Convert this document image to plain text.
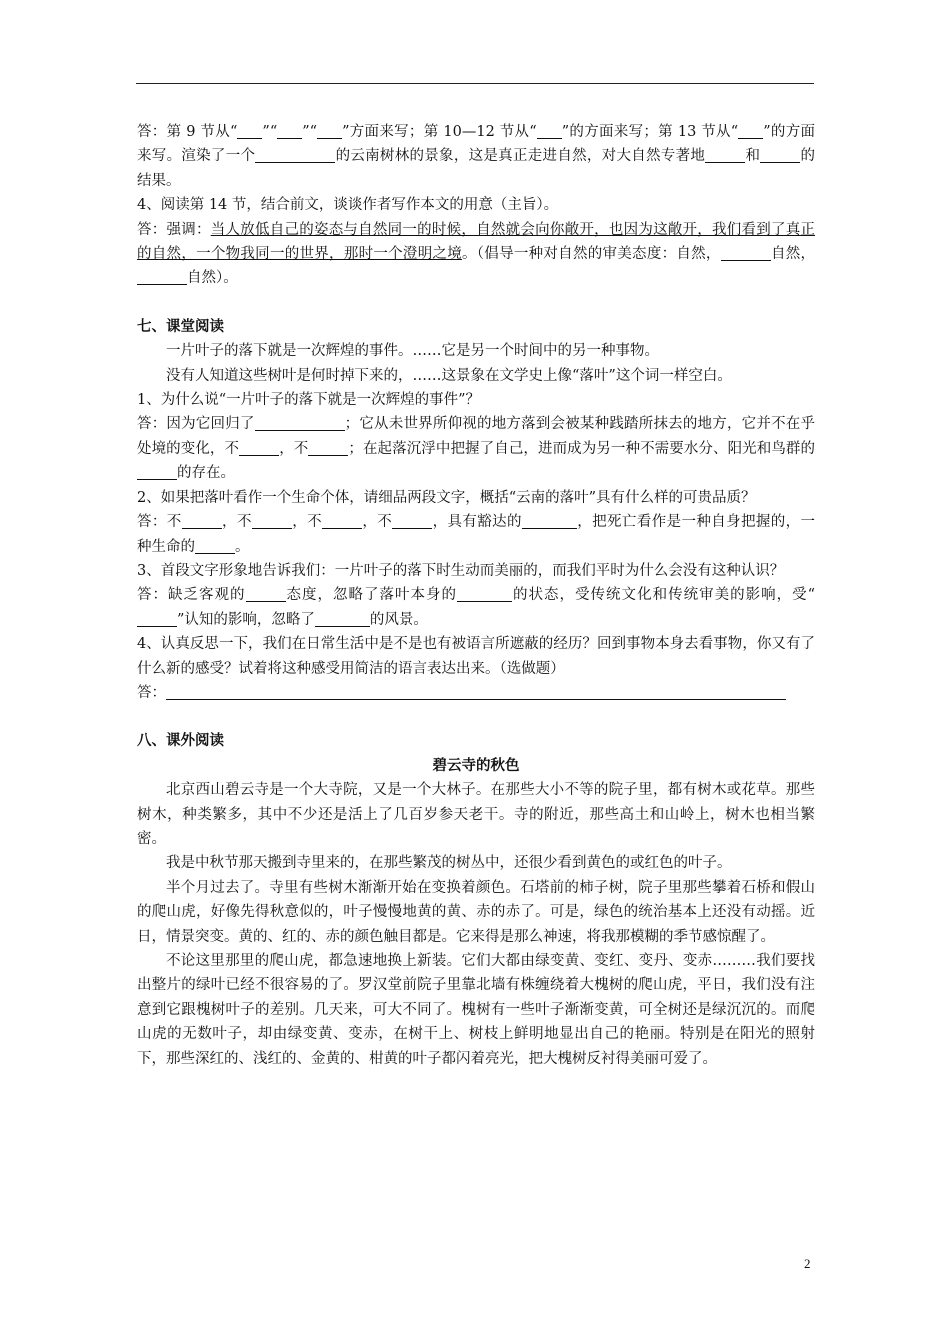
答：第 9 节从“ ”“ ”“ ”方面来写；第 10—12 节从“ ”的方面来写；第 13 节从“ ”的方面来写。渲染了一个	的云南树林的景象，这是真正走进自然，对大自然专著地	和	的结果。

4、阅读第 14 节，结合前文，谈谈作者写作本文的用意（主旨）。

答：强调：当人放低自己的姿态与自然同一的时候，自然就会向你敞开，也因为这敞开，我们看到了真正的自然，一个物我同一的世界，那时一个澄明之境。（倡导一种对自然的审美态度：自然，	自然，自然）。

七、课堂阅读

一片叶子的落下就是一次辉煌的事件。……它是另一个时间中的另一种事物。

没有人知道这些树叶是何时掉下来的，……这景象在文学史上像“落叶”这个词一样空白。

1、为什么说“一片叶子的落下就是一次辉煌的事件”？

答：因为它回归了	；它从未世界所仰视的地方落到会被某种践踏所抹去的地方，它并不在乎处境的变化，不	，不	；在起落沉浮中把握了自己，进而成为另一种不需要水分、阳光和鸟群的的存在。

2、如果把落叶看作一个生命个体，请细品两段文字，概括“云南的落叶”具有什么样的可贵品质？

答：不	，不	，不	，不	，具有豁达的	，把死亡看作是一种自身把握的，一种生命的	。

3、首段文字形象地告诉我们：一片叶子的落下时生动而美丽的，而我们平时为什么会没有这种认识？

答：缺乏客观的	态度，忽略了落叶本身的	的状态，受传统文化和传统审美的影响，受“”认知的影响，忽略了	的风景。

4、认真反思一下，我们在日常生活中是不是也有被语言所遮蔽的经历？回到事物本身去看事物，你又有了什么新的感受？试着将这种感受用简洁的语言表达出来。（选做题）

答：

八、课外阅读

碧云寺的秋色

北京西山碧云寺是一个大寺院，又是一个大林子。在那些大小不等的院子里，都有树木或花草。那些树木，种类繁多，其中不少还是活上了几百岁参天老干。寺的附近，那些高土和山岭上，树木也相当繁密。

我是中秋节那天搬到寺里来的，在那些繁茂的树丛中，还很少看到黄色的或红色的叶子。

半个月过去了。寺里有些树木渐渐开始在变换着颜色。石塔前的柿子树，院子里那些攀着石桥和假山的爬山虎，好像先得秋意似的，叶子慢慢地黄的黄、赤的赤了。可是，绿色的统治基本上还没有动摇。近日，情景突变。黄的、红的、赤的颜色触目都是。它来得是那么神速，将我那模糊的季节感惊醒了。

不论这里那里的爬山虎，都急速地换上新装。它们大都由绿变黄、变红、变丹、变赤………我们要找出整片的绿叶已经不很容易的了。罗汉堂前院子里靠北墙有株缠绕着大槐树的爬山虎，平日，我们没有注意到它跟槐树叶子的差别。几天来，可大不同了。槐树有一些叶子渐渐变黄，可全树还是绿沉沉的。而爬山虎的无数叶子，却由绿变黄、变赤，在树干上、树枝上鲜明地显出自己的艳丽。特别是在阳光的照射下，那些深红的、浅红的、金黄的、柑黄的叶子都闪着亮光，把大槐树反衬得美丽可爱了。

2
